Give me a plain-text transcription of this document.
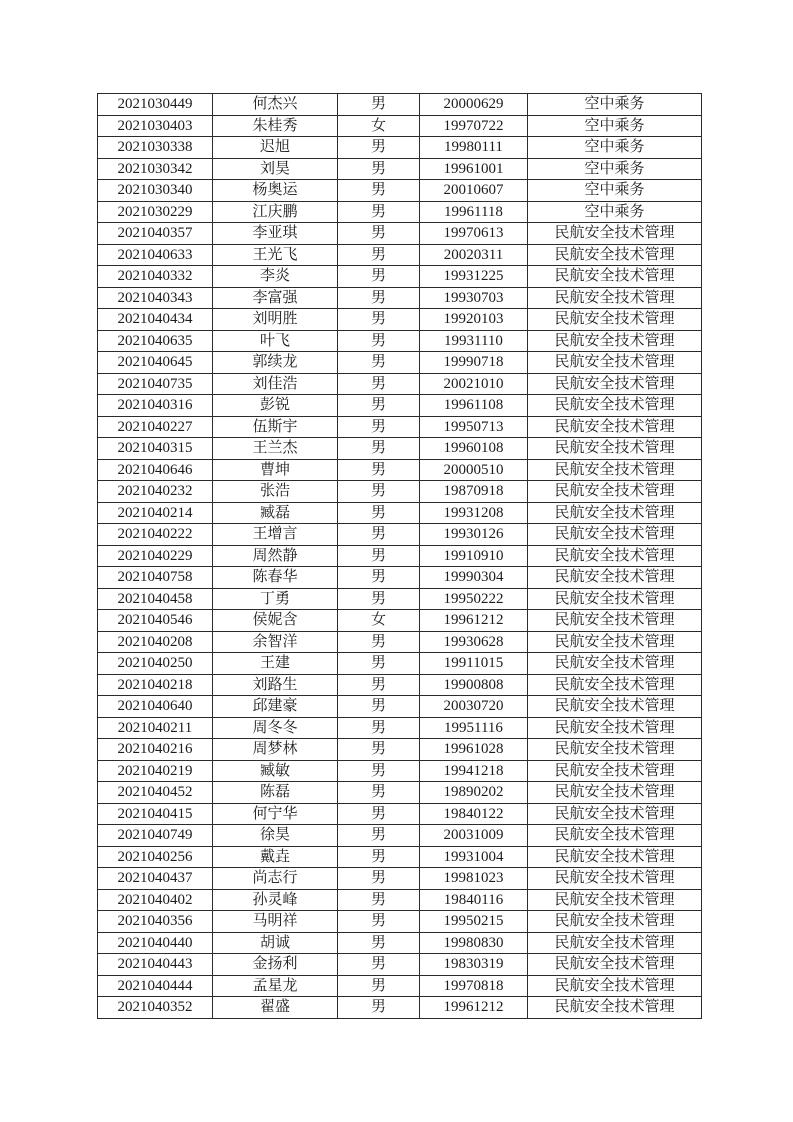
2021030449	何杰兴	男	20000629	空中乘务
2021030403	朱桂秀	女	19970722	空中乘务
2021030338	迟旭	男	19980111	空中乘务
2021030342	刘昊	男	19961001	空中乘务
2021030340	杨奥运	男	20010607	空中乘务
2021030229	江庆鹏	男	19961118	空中乘务
2021040357	李亚琪	男	19970613	民航安全技术管理
2021040633	王光飞	男	20020311	民航安全技术管理
2021040332	李炎	男	19931225	民航安全技术管理
2021040343	李富强	男	19930703	民航安全技术管理
2021040434	刘明胜	男	19920103	民航安全技术管理
2021040635	叶飞	男	19931110	民航安全技术管理
2021040645	郭续龙	男	19990718	民航安全技术管理
2021040735	刘佳浩	男	20021010	民航安全技术管理
2021040316	彭锐	男	19961108	民航安全技术管理
2021040227	伍斯宇	男	19950713	民航安全技术管理
2021040315	王兰杰	男	19960108	民航安全技术管理
2021040646	曹坤	男	20000510	民航安全技术管理
2021040232	张浩	男	19870918	民航安全技术管理
2021040214	臧磊	男	19931208	民航安全技术管理
2021040222	王增言	男	19930126	民航安全技术管理
2021040229	周然静	男	19910910	民航安全技术管理
2021040758	陈春华	男	19990304	民航安全技术管理
2021040458	丁勇	男	19950222	民航安全技术管理
2021040546	侯妮含	女	19961212	民航安全技术管理
2021040208	余智洋	男	19930628	民航安全技术管理
2021040250	王建	男	19911015	民航安全技术管理
2021040218	刘路生	男	19900808	民航安全技术管理
2021040640	邱建豪	男	20030720	民航安全技术管理
2021040211	周冬冬	男	19951116	民航安全技术管理
2021040216	周梦林	男	19961028	民航安全技术管理
2021040219	臧敏	男	19941218	民航安全技术管理
2021040452	陈磊	男	19890202	民航安全技术管理
2021040415	何宁华	男	19840122	民航安全技术管理
2021040749	徐昊	男	20031009	民航安全技术管理
2021040256	戴垚	男	19931004	民航安全技术管理
2021040437	尚志行	男	19981023	民航安全技术管理
2021040402	孙灵峰	男	19840116	民航安全技术管理
2021040356	马明祥	男	19950215	民航安全技术管理
2021040440	胡诚	男	19980830	民航安全技术管理
2021040443	金扬利	男	19830319	民航安全技术管理
2021040444	孟星龙	男	19970818	民航安全技术管理
2021040352	翟盛	男	19961212	民航安全技术管理
